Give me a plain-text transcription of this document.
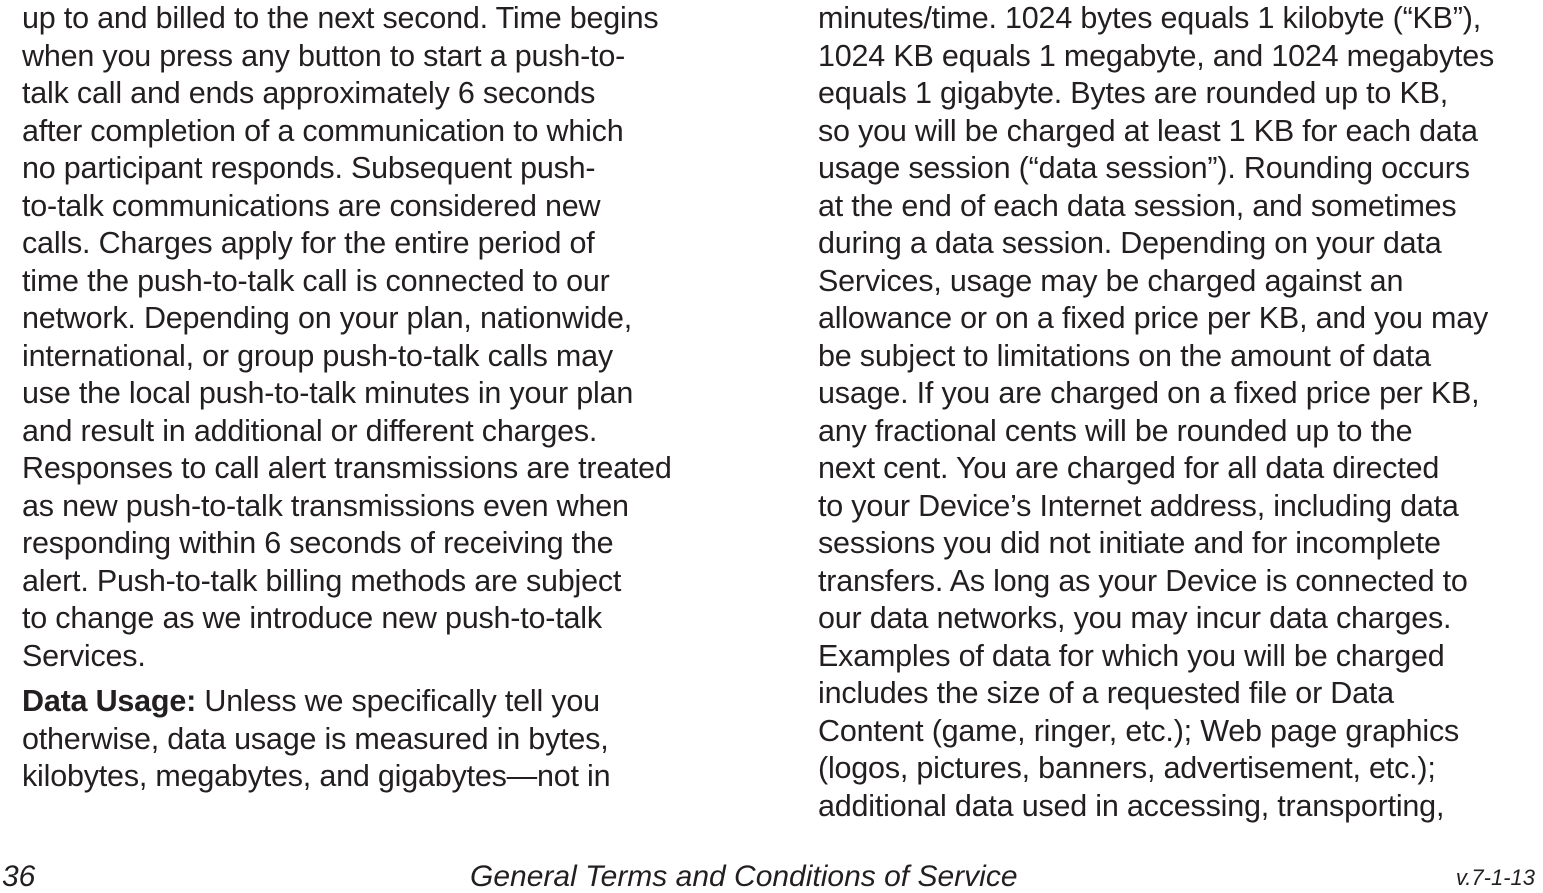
up to and billed to the next second. Time begins
when you press any button to start a push-to-
talk call and ends approximately 6 seconds
after completion of a communication to which
no participant responds. Subsequent push-
to-talk communications are considered new
calls. Charges apply for the entire period of
time the push-to-talk call is connected to our
network. Depending on your plan, nationwide,
international, or group push-to-talk calls may
use the local push-to-talk minutes in your plan
and result in additional or different charges.
Responses to call alert transmissions are treated
as new push-to-talk transmissions even when
responding within 6 seconds of receiving the
alert. Push-to-talk billing methods are subject
to change as we introduce new push-to-talk
Services.
Data Usage: Unless we specifically tell you
otherwise, data usage is measured in bytes,
kilobytes, megabytes, and gigabytes—not in
minutes/time. 1024 bytes equals 1 kilobyte (“KB”),
1024 KB equals 1 megabyte, and 1024 megabytes
equals 1 gigabyte. Bytes are rounded up to KB,
so you will be charged at least 1 KB for each data
usage session (“data session”). Rounding occurs
at the end of each data session, and sometimes
during a data session. Depending on your data
Services, usage may be charged against an
allowance or on a fixed price per KB, and you may
be subject to limitations on the amount of data
usage. If you are charged on a fixed price per KB,
any fractional cents will be rounded up to the
next cent. You are charged for all data directed
to your Device’s Internet address, including data
sessions you did not initiate and for incomplete
transfers. As long as your Device is connected to
our data networks, you may incur data charges.
Examples of data for which you will be charged
includes the size of a requested file or Data
Content (game, ringer, etc.); Web page graphics
(logos, pictures, banners, advertisement, etc.);
additional data used in accessing, transporting,
36	General Terms and Conditions of Service	v.7-1-13
